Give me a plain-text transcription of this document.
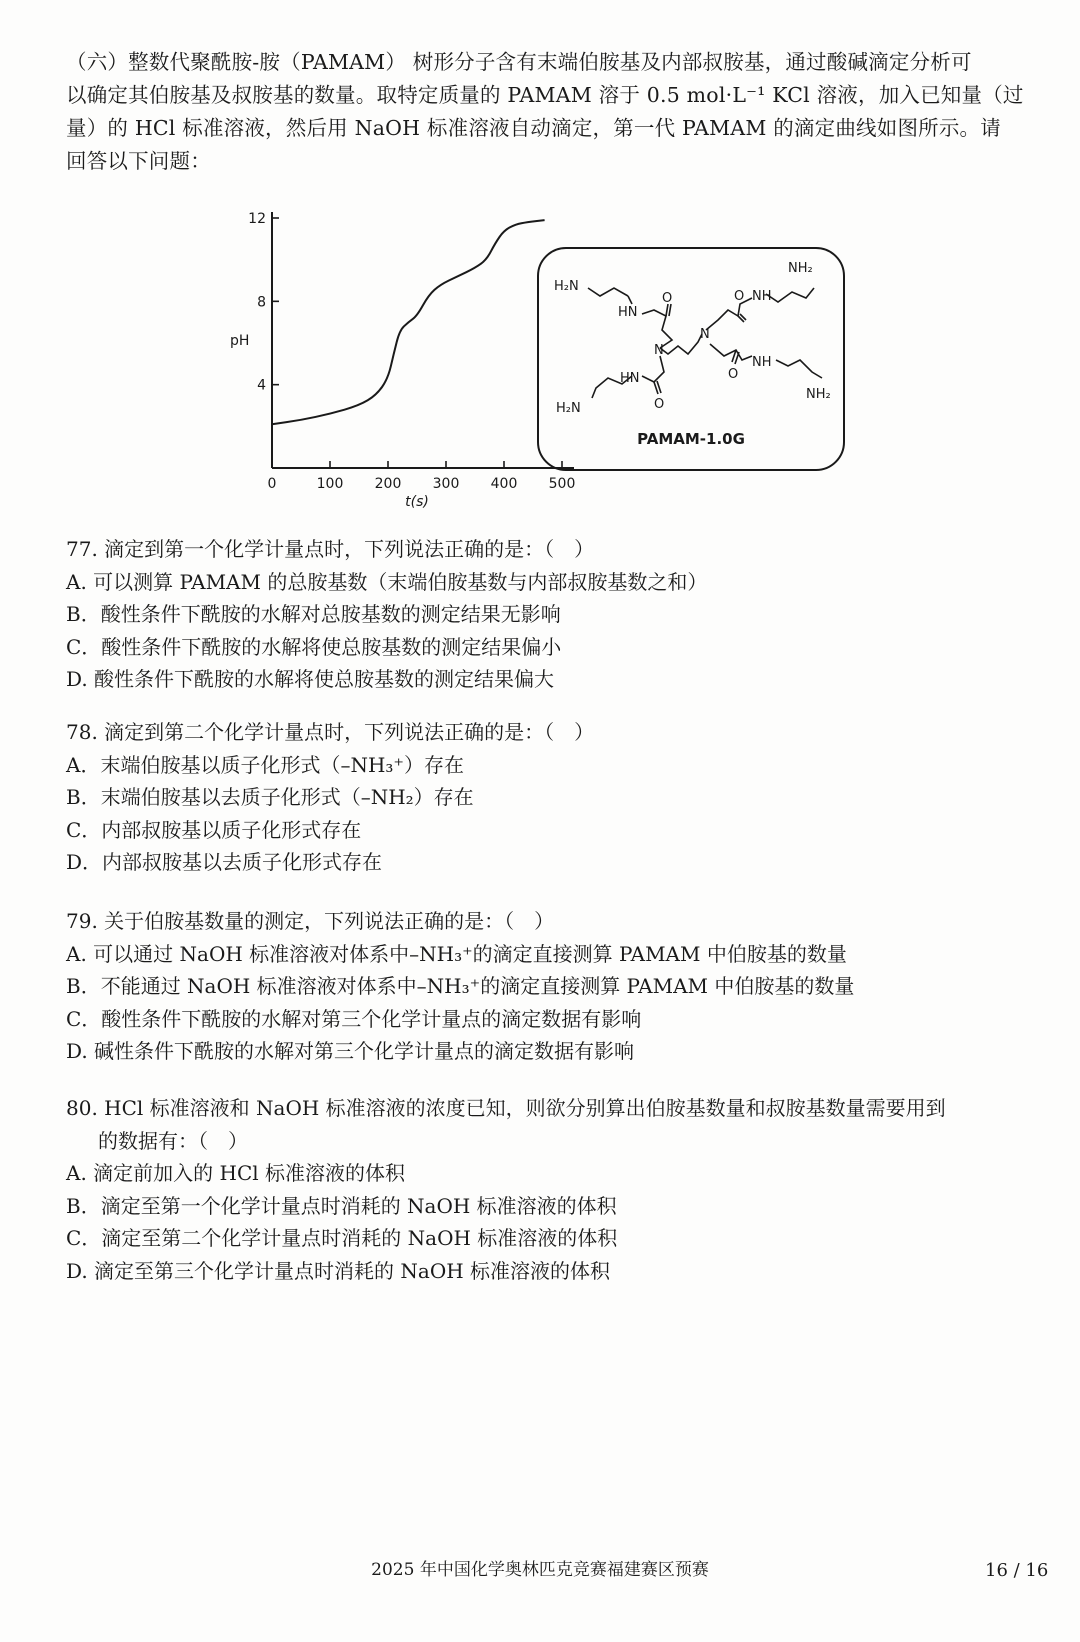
（六）整数代聚酰胺-胺（PAMAM） 树形分子含有末端伯胺基及内部叔胺基，通过酸碱滴定分析可

以确定其伯胺基及叔胺基的数量。取特定质量的 PAMAM 溶于 0.5 mol·L⁻¹ KCl 溶液，加入已知量（过

量）的 HCl 标准溶液，然后用 NaOH 标准溶液自动滴定，第一代 PAMAM 的滴定曲线如图所示。请

回答以下问题：

0	100 200 300 400 500
4
8
12
pH
t(s)
H₂N
HN
O
NH₂
NH
O
N
N
HN
O
H₂N
NH
O
NH₂
PAMAM-1.0G

77. 滴定到第一个化学计量点时，下列说法正确的是：（　）

A. 可以测算 PAMAM 的总胺基数（末端伯胺基数与内部叔胺基数之和）

B．酸性条件下酰胺的水解对总胺基数的测定结果无影响

C．酸性条件下酰胺的水解将使总胺基数的测定结果偏小

D. 酸性条件下酰胺的水解将使总胺基数的测定结果偏大

78. 滴定到第二个化学计量点时，下列说法正确的是：（　）

A．末端伯胺基以质子化形式（–NH₃⁺）存在

B．末端伯胺基以去质子化形式（–NH₂）存在

C．内部叔胺基以质子化形式存在

D．内部叔胺基以去质子化形式存在

79. 关于伯胺基数量的测定，下列说法正确的是：（　）

A. 可以通过 NaOH 标准溶液对体系中–NH₃⁺的滴定直接测算 PAMAM 中伯胺基的数量

B．不能通过 NaOH 标准溶液对体系中–NH₃⁺的滴定直接测算 PAMAM 中伯胺基的数量

C．酸性条件下酰胺的水解对第三个化学计量点的滴定数据有影响

D. 碱性条件下酰胺的水解对第三个化学计量点的滴定数据有影响

80. HCl 标准溶液和 NaOH 标准溶液的浓度已知，则欲分别算出伯胺基数量和叔胺基数量需要用到

的数据有：（　）

A. 滴定前加入的 HCl 标准溶液的体积

B．滴定至第一个化学计量点时消耗的 NaOH 标准溶液的体积

C．滴定至第二个化学计量点时消耗的 NaOH 标准溶液的体积

D. 滴定至第三个化学计量点时消耗的 NaOH 标准溶液的体积

2025 年中国化学奥林匹克竞赛福建赛区预赛	16 / 16
